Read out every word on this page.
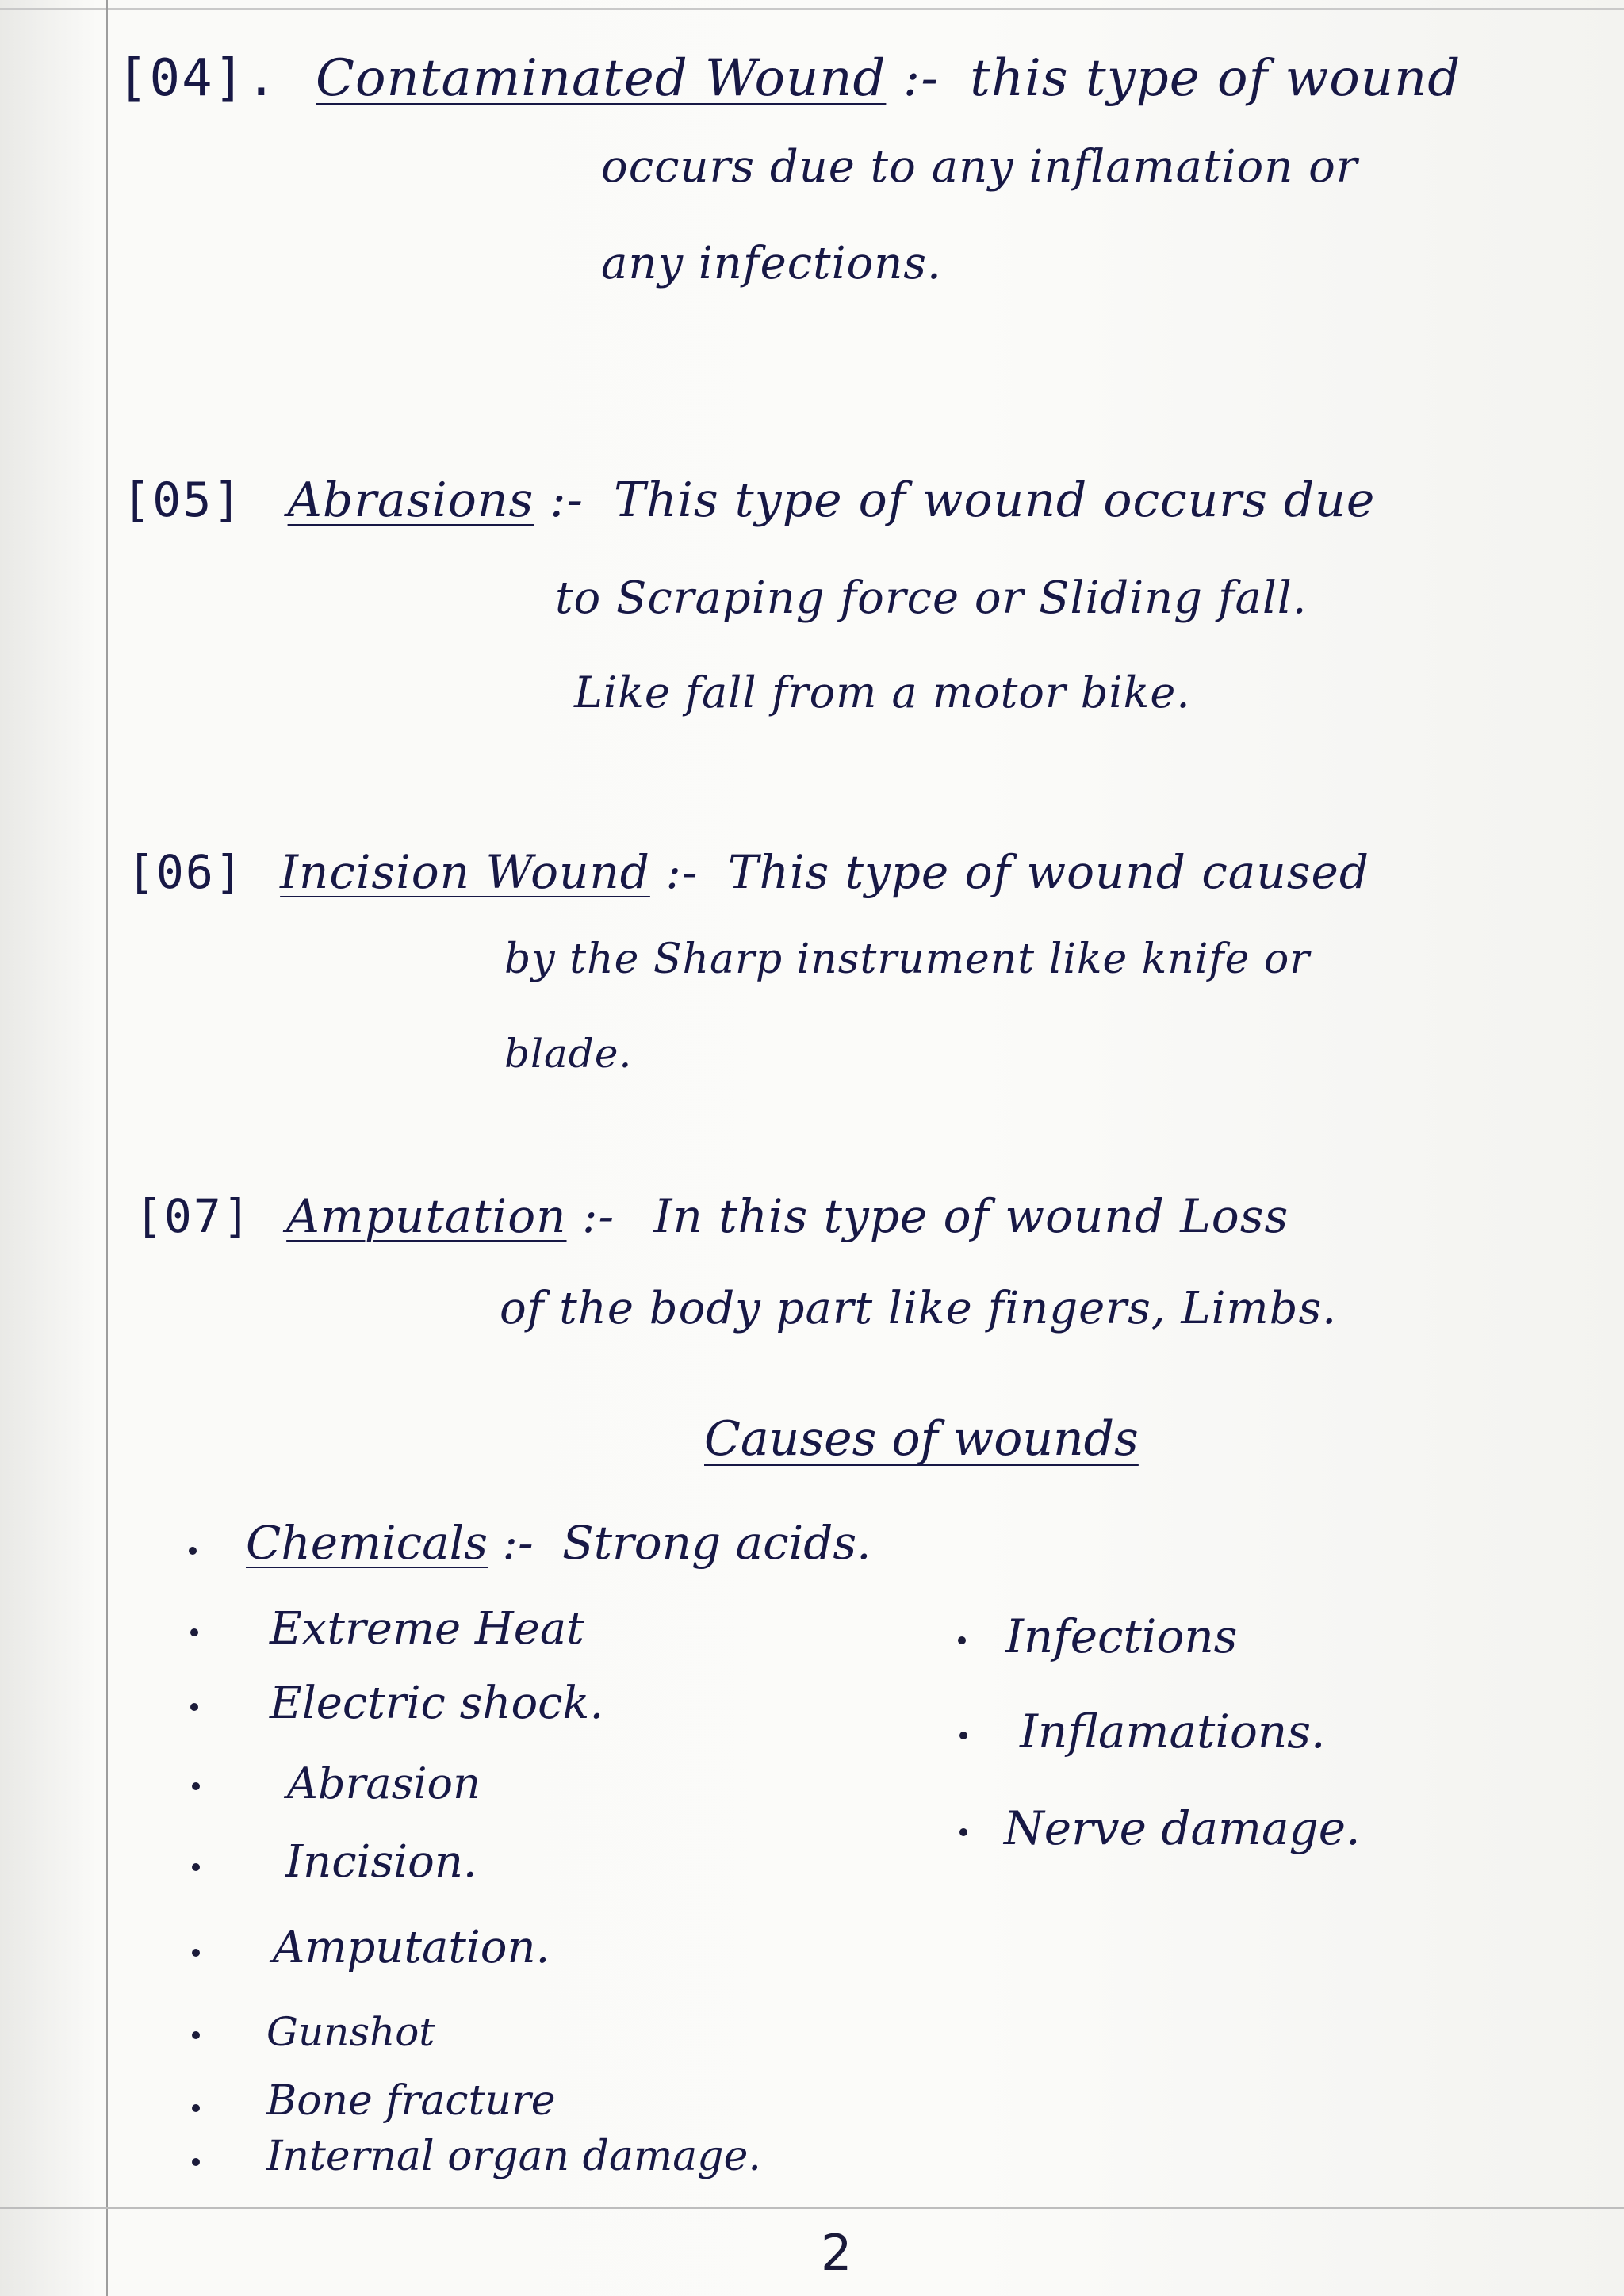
[04]. Contaminated Wound :- this type of wound
occurs due to any inflamation or
any infections.
[05] Abrasions :- This type of wound occurs due
to Scraping force or Sliding fall.
Like fall from a motor bike.
[06] Incision Wound :- This type of wound caused
by the Sharp instrument like knife or
blade.
[07] Amputation :- In this type of wound Loss
of the body part like fingers, Limbs.
Causes of wounds
Chemicals :- Strong acids.
Extreme Heat
Electric shock.
Abrasion
Incision.
Amputation.
Gunshot
Bone fracture
Internal organ damage.
Infections
Inflamations.
Nerve damage.
2
